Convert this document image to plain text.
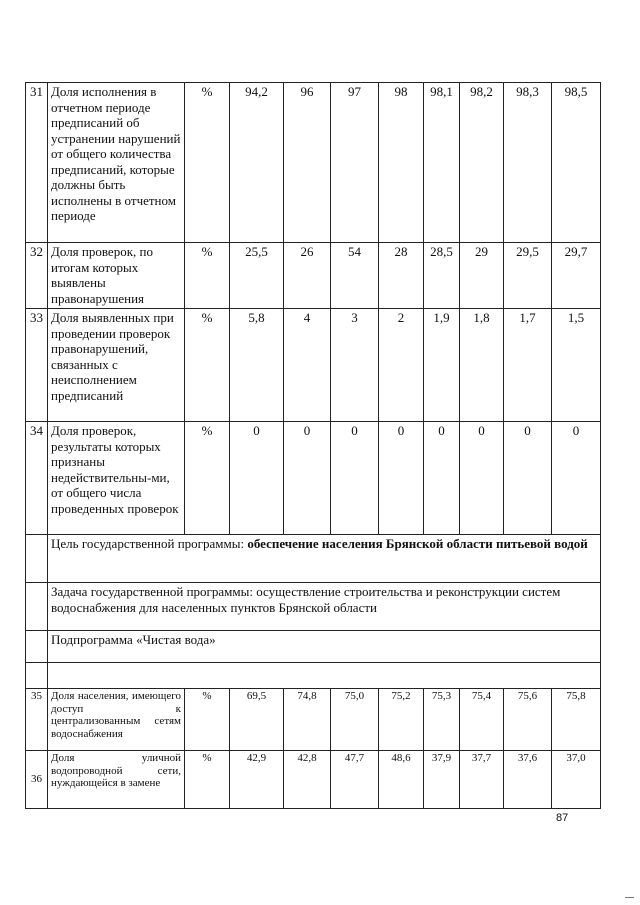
31	Доля исполнения в отчетном периоде предписаний об устранении нарушений от общего количества предписаний, которые должны быть исполнены в отчетном периоде	%	94,2	96	97	98	98,1	98,2	98,3	98,5
32	Доля проверок, по итогам которых выявлены правонарушения	%	25,5	26	54	28	28,5	29	29,5	29,7
33	Доля выявленных при проведении проверок правонарушений, связанных с неисполнением предписаний	%	5,8	4	3	2	1,9	1,8	1,7	1,5
34	Доля проверок, результаты которых признаны недействительны-ми, от общего числа проведенных проверок	%	0	0	0	0	0	0	0	0
	Цель государственной программы: обеспечение населения Брянской области питьевой водой									
	Задача государственной программы: осуществление строительства и реконструкции систем водоснабжения для населенных пунктов Брянской области									
	Подпрограмма «Чистая вода»									

35	Доля населения, имеющего доступ к централизованным сетям водоснабжения	%	69,5	74,8	75,0	75,2	75,3	75,4	75,6	75,8
36	Доля уличной водопроводной сети, нуждающейся в замене	%	42,9	42,8	47,7	48,6	37,9	37,7	37,6	37,0
87
